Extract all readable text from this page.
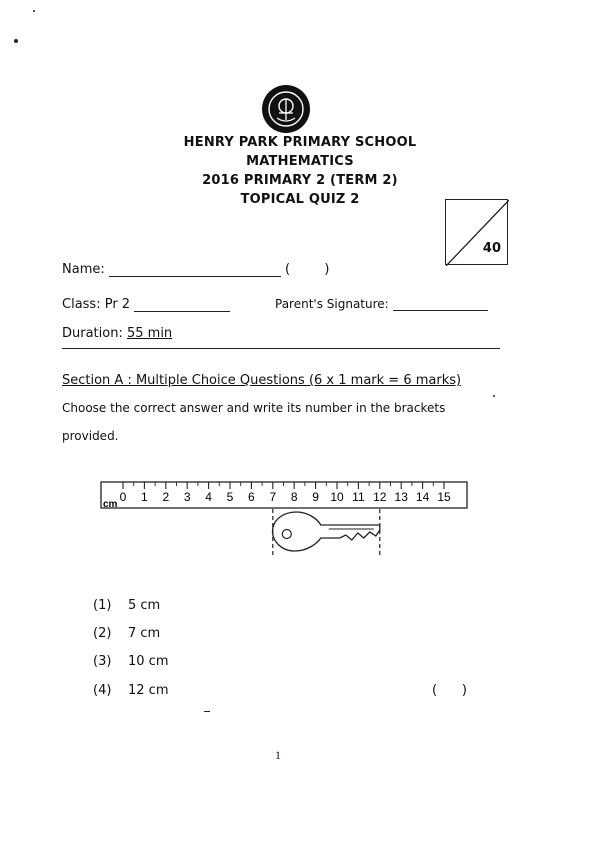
HENRY PARK PRIMARY SCHOOL
MATHEMATICS
2016 PRIMARY 2 (TERM 2)
TOPICAL QUIZ 2
40
Name:	(	)
Class: Pr 2	Parent's Signature:
Duration: 55 min
Section A : Multiple Choice Questions (6 x 1 mark = 6 marks)
Choose the correct answer and write its number in the brackets
provided.
0 1 2 3 4 5 6 7 8 9 10 11 12 13 14 15
cm
(1) 5 cm
(2) 7 cm
(3) 10 cm
(4) 12 cm	(      )
1
